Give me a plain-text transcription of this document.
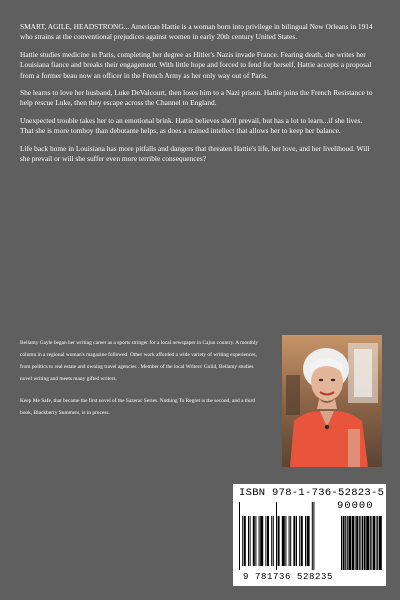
SMART, AGILE, HEADSTRONG... American Hattie is a woman born into privilege in bilingual New Orleans in 1914 who strains at the conventional prejudices against women in early 20th century United States.

Hattie studies medicine in Paris, completing her degree as Hitler's Nazis invade France. Fearing death, she writes her Louisiana fiance and breaks their engagement. With little hope and forced to fend for herself, Hattie accepts a proposal from a former beau now an officer in the French Army as her only way out of Paris.

She learns to love her husband, Luke DeValcourt, then loses him to a Nazi prison. Hattie joins the French Resistance to help rescue Luke, then they escape across the Channel to England.

Unexpected trouble takes her to an emotional brink. Hattie believes she'll prevail, but has a lot to learn...if she lives. That she is more tomboy than debutante helps, as does a trained intellect that allows her to keep her balance.

Life back home in Louisiana has more pitfalls and dangers that threaten Hattie's life, her love, and her livelihood. Will she prevail or will she suffer even more terrible consequences?

Bellamy Gayle began her writing career as a sports stringer for a local newspaper in Cajun country. A monthly column in a regional woman's magazine followed. Other work afforded a wide variety of writing experiences, from politics to real estate and owning travel agencies . Member of the local Writers' Guild, Bellamy studies novel writing and meets many gifted writers.

Keep Me Safe, that became the first novel of the Sazerac Series. Nothing To Regret is the second, and a third book, Blackberry Summers, is in process.

ISBN 978-1-736-52823-5
90000
9 781736 528235
